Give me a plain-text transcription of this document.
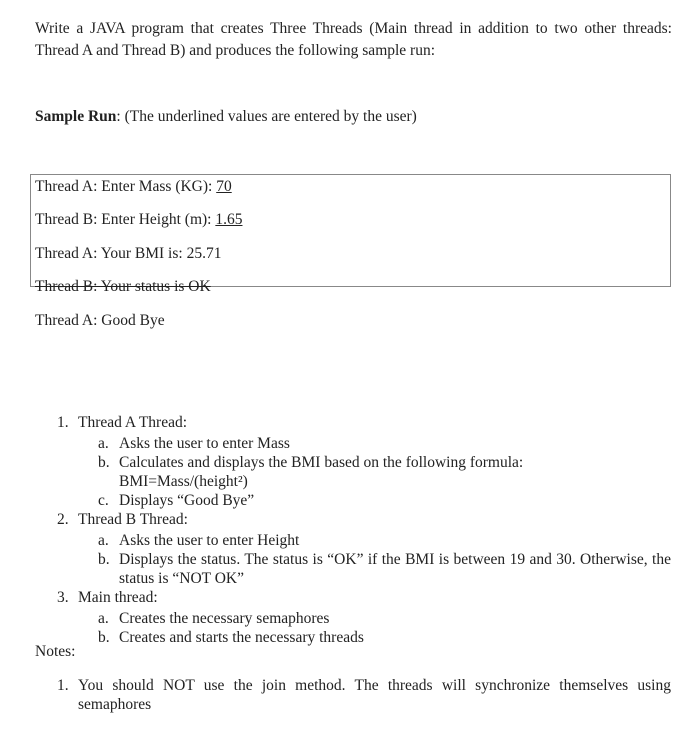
Write a JAVA program that creates Three Threads (Main thread in addition to two other threads: Thread A and Thread B) and produces the following sample run:

Sample Run: (The underlined values are entered by the user)

Thread A: Enter Mass (KG): 70

Thread B: Enter Height (m): 1.65

Thread A: Your BMI is: 25.71

Thread B: Your status is OK

Thread A: Good Bye

1. Thread A Thread:
a. Asks the user to enter Mass
b. Calculates and displays the BMI based on the following formula:
BMI=Mass/(height²)
c. Displays “Good Bye”
2. Thread B Thread:
a. Asks the user to enter Height
b. Displays the status. The status is “OK” if the BMI is between 19 and 30. Otherwise, the status is “NOT OK”
3. Main thread:
a. Creates the necessary semaphores
b. Creates and starts the necessary threads

Notes:

1. You should NOT use the join method. The threads will synchronize themselves using semaphores
